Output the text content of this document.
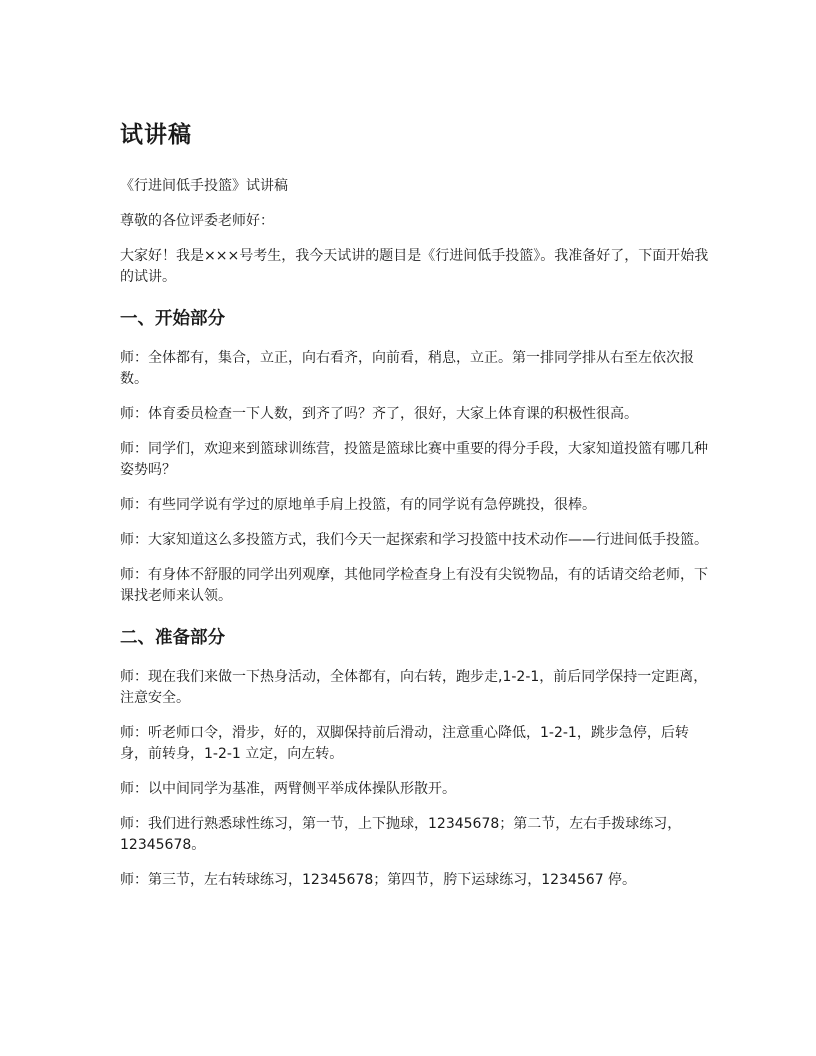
试讲稿

《行进间低手投篮》试讲稿

尊敬的各位评委老师好：

大家好！我是×××号考生，我今天试讲的题目是《行进间低手投篮》。我准备好了，下面开始我的试讲。

一、开始部分

师：全体都有，集合，立正，向右看齐，向前看，稍息，立正。第一排同学排从右至左依次报数。

师：体育委员检查一下人数，到齐了吗？齐了，很好，大家上体育课的积极性很高。

师：同学们，欢迎来到篮球训练营，投篮是篮球比赛中重要的得分手段，大家知道投篮有哪几种姿势吗？

师：有些同学说有学过的原地单手肩上投篮，有的同学说有急停跳投，很棒。

师：大家知道这么多投篮方式，我们今天一起探索和学习投篮中技术动作——行进间低手投篮。

师：有身体不舒服的同学出列观摩，其他同学检查身上有没有尖锐物品，有的话请交给老师，下课找老师来认领。

二、准备部分

师：现在我们来做一下热身活动，全体都有，向右转，跑步走,1-2-1，前后同学保持一定距离，注意安全。

师：听老师口令，滑步，好的，双脚保持前后滑动，注意重心降低，1-2-1，跳步急停，后转身，前转身，1-2-1 立定，向左转。

师：以中间同学为基准，两臂侧平举成体操队形散开。

师：我们进行熟悉球性练习，第一节，上下抛球，12345678；第二节，左右手拨球练习，12345678。

师：第三节，左右转球练习，12345678；第四节，胯下运球练习，1234567 停。
